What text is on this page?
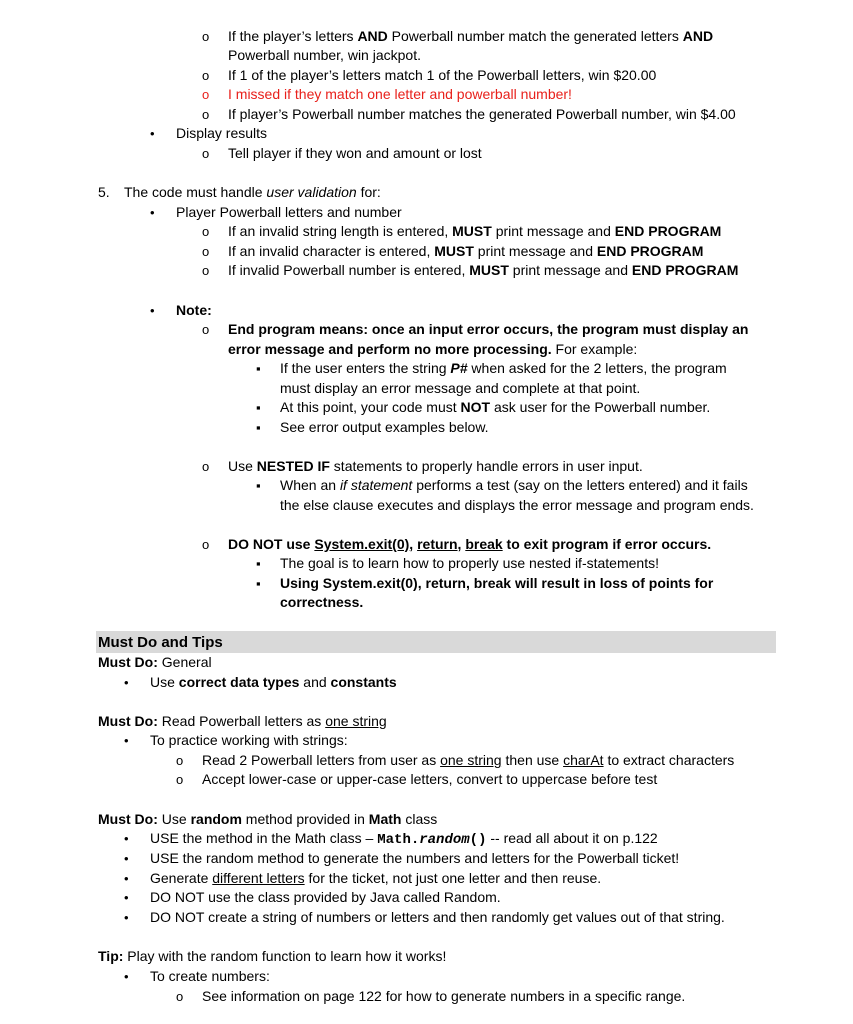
o If the player’s letters AND Powerball number match the generated letters AND
Powerball number, win jackpot.
o If 1 of the player’s letters match 1 of the Powerball letters, win $20.00
o I missed if they match one letter and powerball number!
o If player’s Powerball number matches the generated Powerball number, win $4.00
• Display results
o Tell player if they won and amount or lost
5. The code must handle user validation for:
• Player Powerball letters and number
o If an invalid string length is entered, MUST print message and END PROGRAM
o If an invalid character is entered, MUST print message and END PROGRAM
o If invalid Powerball number is entered, MUST print message and END PROGRAM
• Note:
o End program means: once an input error occurs, the program must display an
error message and perform no more processing. For example:
▪ If the user enters the string P# when asked for the 2 letters, the program
must display an error message and complete at that point.
▪ At this point, your code must NOT ask user for the Powerball number.
▪ See error output examples below.
o Use NESTED IF statements to properly handle errors in user input.
▪ When an if statement performs a test (say on the letters entered) and it fails
the else clause executes and displays the error message and program ends.
o DO NOT use System.exit(0), return, break to exit program if error occurs.
▪ The goal is to learn how to properly use nested if-statements!
▪ Using System.exit(0), return, break will result in loss of points for
correctness.
Must Do and Tips
Must Do: General
• Use correct data types and constants
Must Do: Read Powerball letters as one string
• To practice working with strings:
o Read 2 Powerball letters from user as one string then use charAt to extract characters
o Accept lower-case or upper-case letters, convert to uppercase before test
Must Do: Use random method provided in Math class
• USE the method in the Math class – Math.random() -- read all about it on p.122
• USE the random method to generate the numbers and letters for the Powerball ticket!
• Generate different letters for the ticket, not just one letter and then reuse.
• DO NOT use the class provided by Java called Random.
• DO NOT create a string of numbers or letters and then randomly get values out of that string.
Tip: Play with the random function to learn how it works!
• To create numbers:
o See information on page 122 for how to generate numbers in a specific range.
